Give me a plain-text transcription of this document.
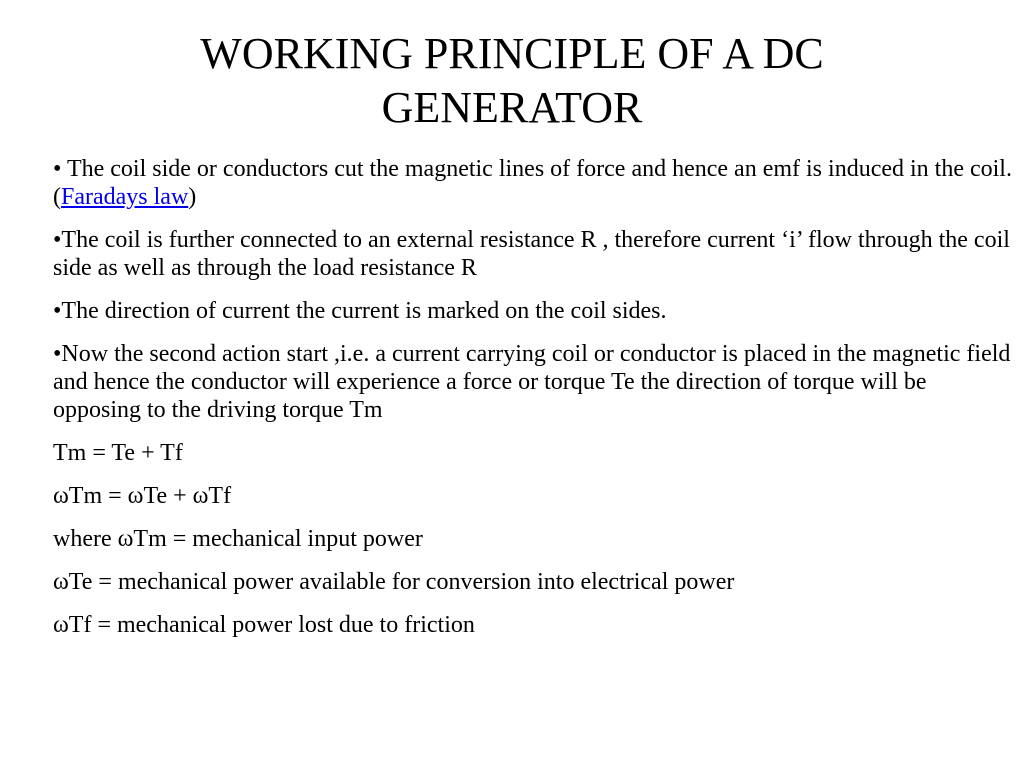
WORKING PRINCIPLE OF A DC GENERATOR

• The coil side or conductors cut the magnetic lines of force and hence an emf is induced in the coil.(Faradays law)

•The coil is further connected to an external resistance R , therefore current ‘i’ flow through the coil side as well as through the load resistance R

•The direction of current the current is marked on the coil sides.

•Now the second action start ,i.e. a current carrying coil or conductor is placed in the magnetic field and hence the conductor will experience a force or torque Te the direction of torque will be opposing to the driving torque Tm

Tm = Te + Tf

ωTm = ωTe + ωTf

where ωTm = mechanical input power

ωTe = mechanical power available for conversion into electrical power

ωTf = mechanical power lost due to friction
